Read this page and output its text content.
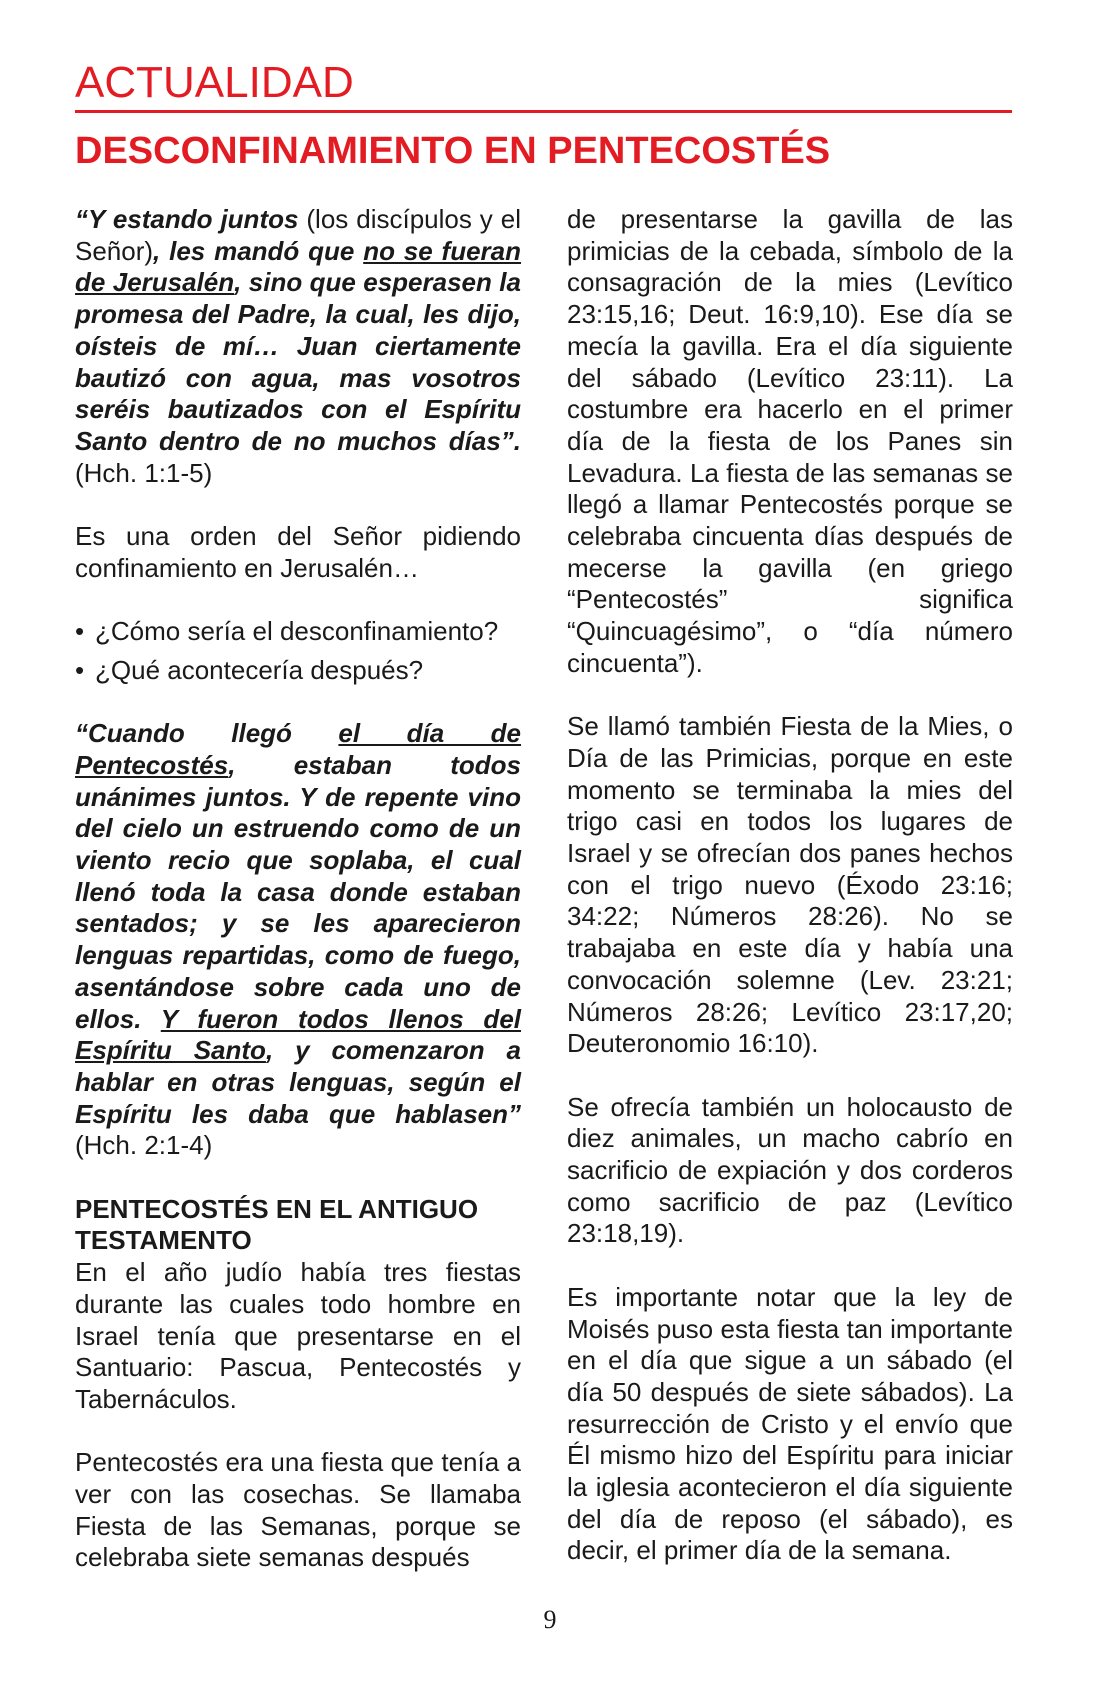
ACTUALIDAD
DESCONFINAMIENTO EN PENTECOSTÉS

“Y estando juntos (los discípulos y el Señor), les mandó que no se fueran de Jerusalén, sino que esperasen la promesa del Padre, la cual, les dijo, oísteis de mí… Juan ciertamente bautizó con agua, mas vosotros seréis bautizados con el Espíritu Santo dentro de no muchos días”. (Hch. 1:1-5)

Es una orden del Señor pidiendo confinamiento en Jerusalén…

• ¿Cómo sería el desconfinamiento?
• ¿Qué acontecería después?

“Cuando llegó el día de Pentecostés, estaban todos unánimes juntos. Y de repente vino del cielo un estruendo como de un viento recio que soplaba, el cual llenó toda la casa donde estaban sentados; y se les aparecieron lenguas repartidas, como de fuego, asentándose sobre cada uno de ellos. Y fueron todos llenos del Espíritu Santo, y comenzaron a hablar en otras lenguas, según el Espíritu les daba que hablasen” (Hch. 2:1-4)

PENTECOSTÉS EN EL ANTIGUO TESTAMENTO

En el año judío había tres fiestas durante las cuales todo hombre en Israel tenía que presentarse en el Santuario: Pascua, Pentecostés y Tabernáculos.

Pentecostés era una fiesta que tenía a ver con las cosechas. Se llamaba Fiesta de las Semanas, porque se celebraba siete semanas después

de presentarse la gavilla de las primicias de la cebada, símbolo de la consagración de la mies (Levítico 23:15,16; Deut. 16:9,10). Ese día se mecía la gavilla. Era el día siguiente del sábado (Levítico 23:11). La costumbre era hacerlo en el primer día de la fiesta de los Panes sin Levadura. La fiesta de las semanas se llegó a llamar Pentecostés porque se celebraba cincuenta días después de mecerse la gavilla (en griego “Pentecostés” significa “Quincuagésimo”, o “día número cincuenta”).

Se llamó también Fiesta de la Mies, o Día de las Primicias, porque en este momento se terminaba la mies del trigo casi en todos los lugares de Israel y se ofrecían dos panes hechos con el trigo nuevo (Éxodo 23:16; 34:22; Números 28:26). No se trabajaba en este día y había una convocación solemne (Lev. 23:21; Números 28:26; Levítico 23:17,20; Deuteronomio 16:10).

Se ofrecía también un holocausto de diez animales, un macho cabrío en sacrificio de expiación y dos corderos como sacrificio de paz (Levítico 23:18,19).

Es importante notar que la ley de Moisés puso esta fiesta tan importante en el día que sigue a un sábado (el día 50 después de siete sábados). La resurrección de Cristo y el envío que Él mismo hizo del Espíritu para iniciar la iglesia acontecieron el día siguiente del día de reposo (el sábado), es decir, el primer día de la semana.

9
